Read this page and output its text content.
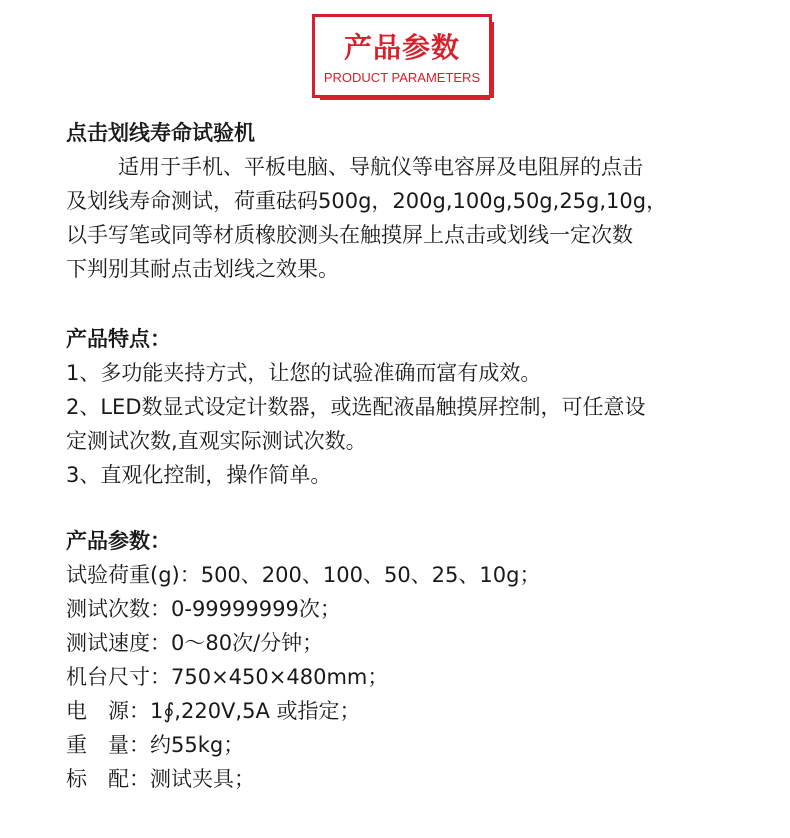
产品参数
PRODUCT PARAMETERS

点击划线寿命试验机

适用于手机、平板电脑、导航仪等电容屏及电阻屏的点击

及划线寿命测试，荷重砝码500g，200g,100g,50g,25g,10g，

以手写笔或同等材质橡胶测头在触摸屏上点击或划线一定次数

下判别其耐点击划线之效果。

产品特点：

1、多功能夹持方式，让您的试验准确而富有成效。

2、LED数显式设定计数器，或选配液晶触摸屏控制，可任意设

定测试次数,直观实际测试次数。

3、直观化控制，操作简单。

产品参数：

试验荷重(g)：500、200、100、50、25、10g；

测试次数：0-99999999次；

测试速度：0～80次/分钟；

机台尺寸：750×450×480mm；

电　源：1∮,220V,5A 或指定；

重　量：约55kg；

标　配：测试夹具；
